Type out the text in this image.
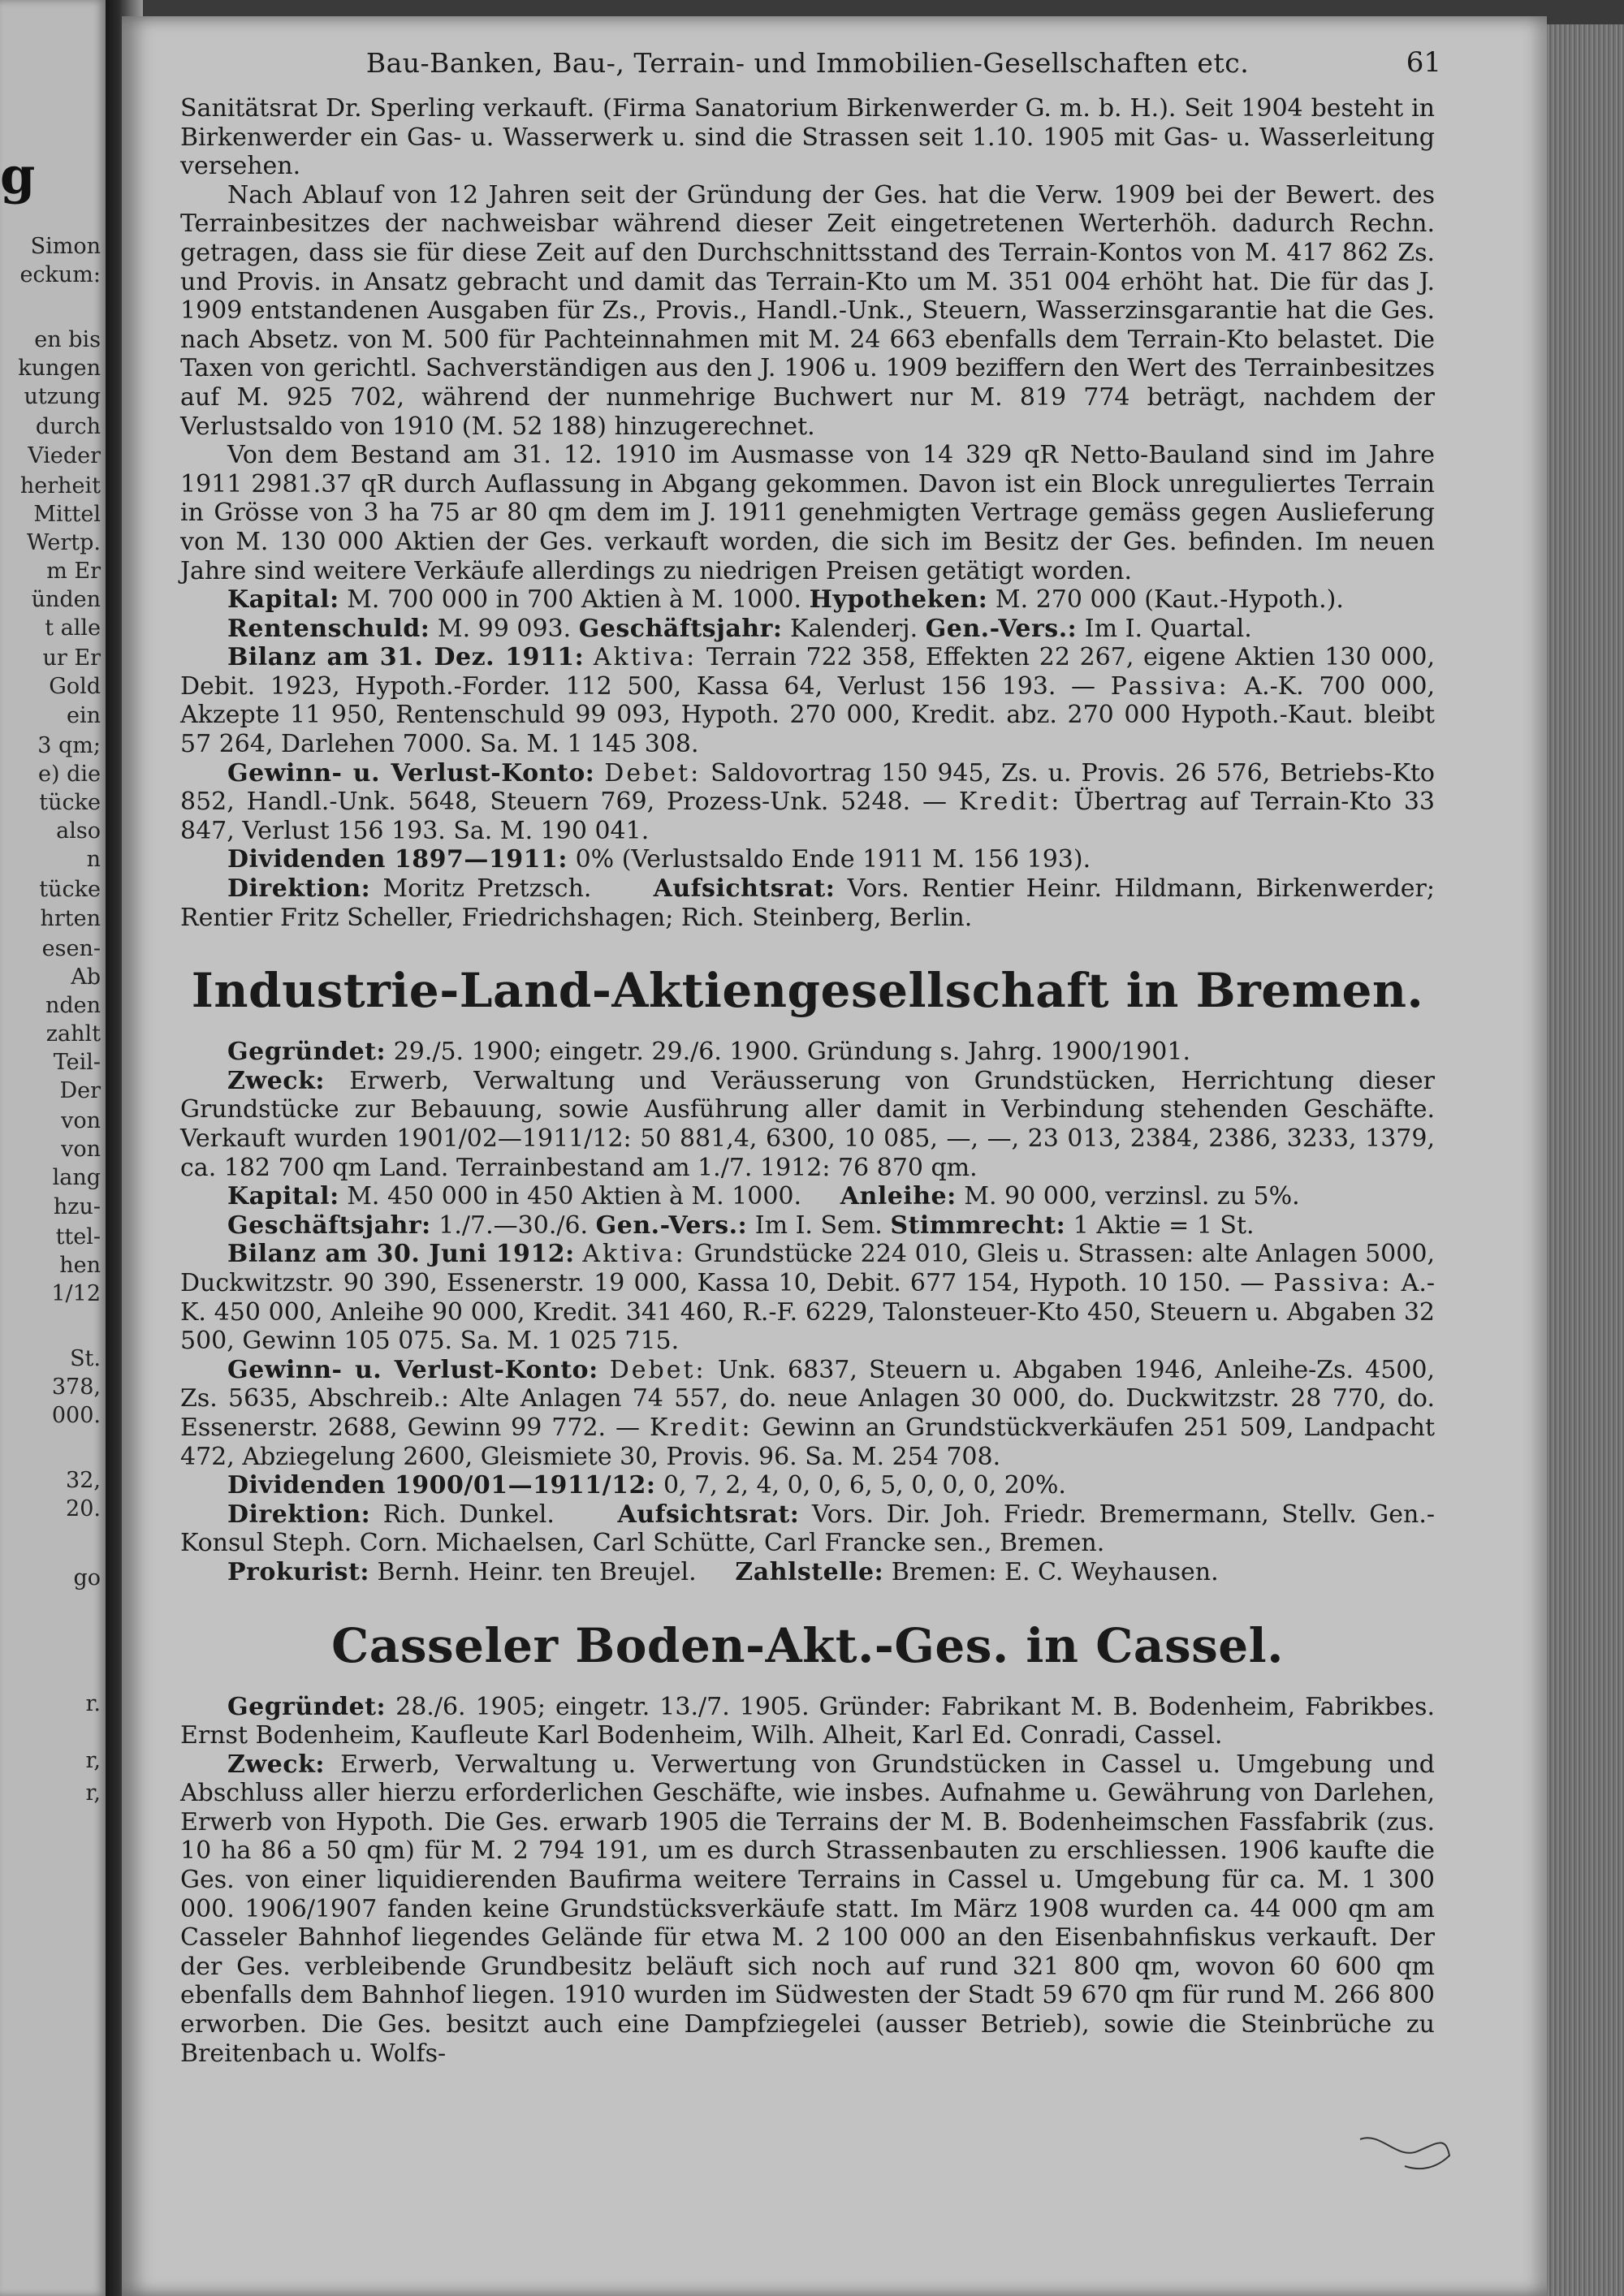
g
Simon
eckum:
en bis
kungen
utzung
durch
Vieder
herheit
Mittel
Wertp.
m Er
ünden
t alle
ur Er
Gold
ein
3 qm;
e) die
tücke
also
n
tücke
hrten
esen-
Ab
nden
zahlt
Teil-
Der
von
von
lang
hzu-
ttel-
hen
1/12
St.
378,
000.
32,
20.
go
r.
r,
r,
Bau-Banken, Bau-, Terrain- und Immobilien-Gesellschaften etc.	61

Sanitätsrat Dr. Sperling verkauft. (Firma Sanatorium Birkenwerder G. m. b. H.). Seit 1904 besteht in Birkenwerder ein Gas- u. Wasserwerk u. sind die Strassen seit 1.10. 1905 mit Gas- u. Wasserleitung versehen.

Nach Ablauf von 12 Jahren seit der Gründung der Ges. hat die Verw. 1909 bei der Bewert. des Terrainbesitzes der nachweisbar während dieser Zeit eingetretenen Werterhöh. dadurch Rechn. getragen, dass sie für diese Zeit auf den Durchschnittsstand des Terrain-Kontos von M. 417 862 Zs. und Provis. in Ansatz gebracht und damit das Terrain-Kto um M. 351 004 erhöht hat. Die für das J. 1909 entstandenen Ausgaben für Zs., Provis., Handl.-Unk., Steuern, Wasserzinsgarantie hat die Ges. nach Absetz. von M. 500 für Pachteinnahmen mit M. 24 663 ebenfalls dem Terrain-Kto belastet. Die Taxen von gerichtl. Sachverständigen aus den J. 1906 u. 1909 beziffern den Wert des Terrainbesitzes auf M. 925 702, während der nunmehrige Buchwert nur M. 819 774 beträgt, nachdem der Verlustsaldo von 1910 (M. 52 188) hinzugerechnet.

Von dem Bestand am 31. 12. 1910 im Ausmasse von 14 329 qR Netto-Bauland sind im Jahre 1911 2981.37 qR durch Auflassung in Abgang gekommen. Davon ist ein Block unreguliertes Terrain in Grösse von 3 ha 75 ar 80 qm dem im J. 1911 genehmigten Vertrage gemäss gegen Auslieferung von M. 130 000 Aktien der Ges. verkauft worden, die sich im Besitz der Ges. befinden. Im neuen Jahre sind weitere Verkäufe allerdings zu niedrigen Preisen getätigt worden.

Kapital: M. 700 000 in 700 Aktien à M. 1000. Hypotheken: M. 270 000 (Kaut.-Hypoth.).

Rentenschuld: M. 99 093. Geschäftsjahr: Kalenderj. Gen.-Vers.: Im I. Quartal.

Bilanz am 31. Dez. 1911: Aktiva: Terrain 722 358, Effekten 22 267, eigene Aktien 130 000, Debit. 1923, Hypoth.-Forder. 112 500, Kassa 64, Verlust 156 193. — Passiva: A.-K. 700 000, Akzepte 11 950, Rentenschuld 99 093, Hypoth. 270 000, Kredit. abz. 270 000 Hypoth.-Kaut. bleibt 57 264, Darlehen 7000. Sa. M. 1 145 308.

Gewinn- u. Verlust-Konto: Debet: Saldovortrag 150 945, Zs. u. Provis. 26 576, Betriebs-Kto 852, Handl.-Unk. 5648, Steuern 769, Prozess-Unk. 5248. — Kredit: Übertrag auf Terrain-Kto 33 847, Verlust 156 193. Sa. M. 190 041.

Dividenden 1897—1911: 0% (Verlustsaldo Ende 1911 M. 156 193).

Direktion: Moritz Pretzsch.	Aufsichtsrat: Vors. Rentier Heinr. Hildmann, Birkenwerder; Rentier Fritz Scheller, Friedrichshagen; Rich. Steinberg, Berlin.

Industrie-Land-Aktiengesellschaft in Bremen.

Gegründet: 29./5. 1900; eingetr. 29./6. 1900. Gründung s. Jahrg. 1900/1901.

Zweck: Erwerb, Verwaltung und Veräusserung von Grundstücken, Herrichtung dieser Grundstücke zur Bebauung, sowie Ausführung aller damit in Verbindung stehenden Geschäfte. Verkauft wurden 1901/02—1911/12: 50 881,4, 6300, 10 085, —, —, 23 013, 2384, 2386, 3233, 1379, ca. 182 700 qm Land. Terrainbestand am 1./7. 1912: 76 870 qm.

Kapital: M. 450 000 in 450 Aktien à M. 1000. Anleihe: M. 90 000, verzinsl. zu 5%.

Geschäftsjahr: 1./7.—30./6. Gen.-Vers.: Im I. Sem. Stimmrecht: 1 Aktie = 1 St.

Bilanz am 30. Juni 1912: Aktiva: Grundstücke 224 010, Gleis u. Strassen: alte Anlagen 5000, Duckwitzstr. 90 390, Essenerstr. 19 000, Kassa 10, Debit. 677 154, Hypoth. 10 150. — Passiva: A.-K. 450 000, Anleihe 90 000, Kredit. 341 460, R.-F. 6229, Talonsteuer-Kto 450, Steuern u. Abgaben 32 500, Gewinn 105 075. Sa. M. 1 025 715.

Gewinn- u. Verlust-Konto: Debet: Unk. 6837, Steuern u. Abgaben 1946, Anleihe-Zs. 4500, Zs. 5635, Abschreib.: Alte Anlagen 74 557, do. neue Anlagen 30 000, do. Duckwitzstr. 28 770, do. Essenerstr. 2688, Gewinn 99 772. — Kredit: Gewinn an Grundstückverkäufen 251 509, Landpacht 472, Abziegelung 2600, Gleismiete 30, Provis. 96. Sa. M. 254 708.

Dividenden 1900/01—1911/12: 0, 7, 2, 4, 0, 0, 6, 5, 0, 0, 0, 20%.

Direktion: Rich. Dunkel.	Aufsichtsrat: Vors. Dir. Joh. Friedr. Bremermann, Stellv. Gen.-Konsul Steph. Corn. Michaelsen, Carl Schütte, Carl Francke sen., Bremen.

Prokurist: Bernh. Heinr. ten Breujel. Zahlstelle: Bremen: E. C. Weyhausen.

Casseler Boden-Akt.-Ges. in Cassel.

Gegründet: 28./6. 1905; eingetr. 13./7. 1905. Gründer: Fabrikant M. B. Bodenheim, Fabrikbes. Ernst Bodenheim, Kaufleute Karl Bodenheim, Wilh. Alheit, Karl Ed. Conradi, Cassel.

Zweck: Erwerb, Verwaltung u. Verwertung von Grundstücken in Cassel u. Umgebung und Abschluss aller hierzu erforderlichen Geschäfte, wie insbes. Aufnahme u. Gewährung von Darlehen, Erwerb von Hypoth. Die Ges. erwarb 1905 die Terrains der M. B. Bodenheimschen Fassfabrik (zus. 10 ha 86 a 50 qm) für M. 2 794 191, um es durch Strassenbauten zu erschliessen. 1906 kaufte die Ges. von einer liquidierenden Baufirma weitere Terrains in Cassel u. Umgebung für ca. M. 1 300 000. 1906/1907 fanden keine Grundstücksverkäufe statt. Im März 1908 wurden ca. 44 000 qm am Casseler Bahnhof liegendes Gelände für etwa M. 2 100 000 an den Eisenbahnfiskus verkauft. Der der Ges. verbleibende Grundbesitz beläuft sich noch auf rund 321 800 qm, wovon 60 600 qm ebenfalls dem Bahnhof liegen. 1910 wurden im Südwesten der Stadt 59 670 qm für rund M. 266 800 erworben. Die Ges. besitzt auch eine Dampfziegelei (ausser Betrieb), sowie die Steinbrüche zu Breitenbach u. Wolfs-
